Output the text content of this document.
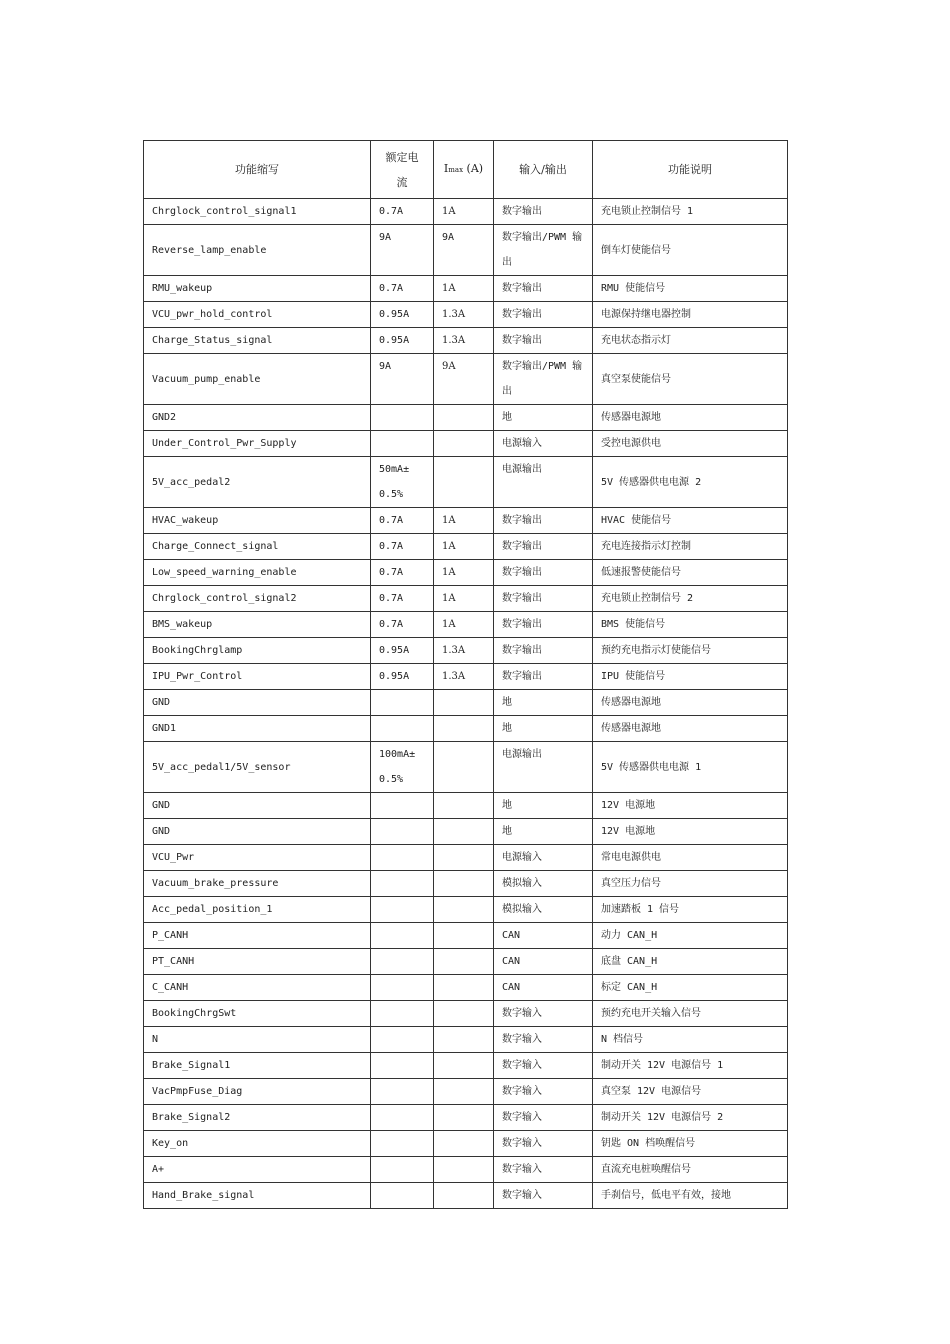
功能缩写	额定电流	Imax (A)	输入/输出	功能说明
Chrglock_control_signal1	0.7A	1A	数字输出	充电锁止控制信号 1
Reverse_lamp_enable	9A	9A	数字输出/PWM 输出	倒车灯使能信号
RMU_wakeup	0.7A	1A	数字输出	RMU 使能信号
VCU_pwr_hold_control	0.95A	1.3A	数字输出	电源保持继电器控制
Charge_Status_signal	0.95A	1.3A	数字输出	充电状态指示灯
Vacuum_pump_enable	9A	9A	数字输出/PWM 输出	真空泵使能信号
GND2			地	传感器电源地
Under_Control_Pwr_Supply			电源输入	受控电源供电
5V_acc_pedal2	50mA± 0.5%		电源输出	5V 传感器供电电源 2
HVAC_wakeup	0.7A	1A	数字输出	HVAC 使能信号
Charge_Connect_signal	0.7A	1A	数字输出	充电连接指示灯控制
Low_speed_warning_enable	0.7A	1A	数字输出	低速报警使能信号
Chrglock_control_signal2	0.7A	1A	数字输出	充电锁止控制信号 2
BMS_wakeup	0.7A	1A	数字输出	BMS 使能信号
BookingChrglamp	0.95A	1.3A	数字输出	预约充电指示灯使能信号
IPU_Pwr_Control	0.95A	1.3A	数字输出	IPU 使能信号
GND			地	传感器电源地
GND1			地	传感器电源地
5V_acc_pedal1/5V_sensor	100mA± 0.5%		电源输出	5V 传感器供电电源 1
GND			地	12V 电源地
GND			地	12V 电源地
VCU_Pwr			电源输入	常电电源供电
Vacuum_brake_pressure			模拟输入	真空压力信号
Acc_pedal_position_1			模拟输入	加速踏板 1 信号
P_CANH			CAN	动力 CAN_H
PT_CANH			CAN	底盘 CAN_H
C_CANH			CAN	标定 CAN_H
BookingChrgSwt			数字输入	预约充电开关输入信号
N			数字输入	N 档信号
Brake_Signal1			数字输入	制动开关 12V 电源信号 1
VacPmpFuse_Diag			数字输入	真空泵 12V 电源信号
Brake_Signal2			数字输入	制动开关 12V 电源信号 2
Key_on			数字输入	钥匙 ON 档唤醒信号
A+			数字输入	直流充电桩唤醒信号
Hand_Brake_signal			数字输入	手刹信号，低电平有效，接地
